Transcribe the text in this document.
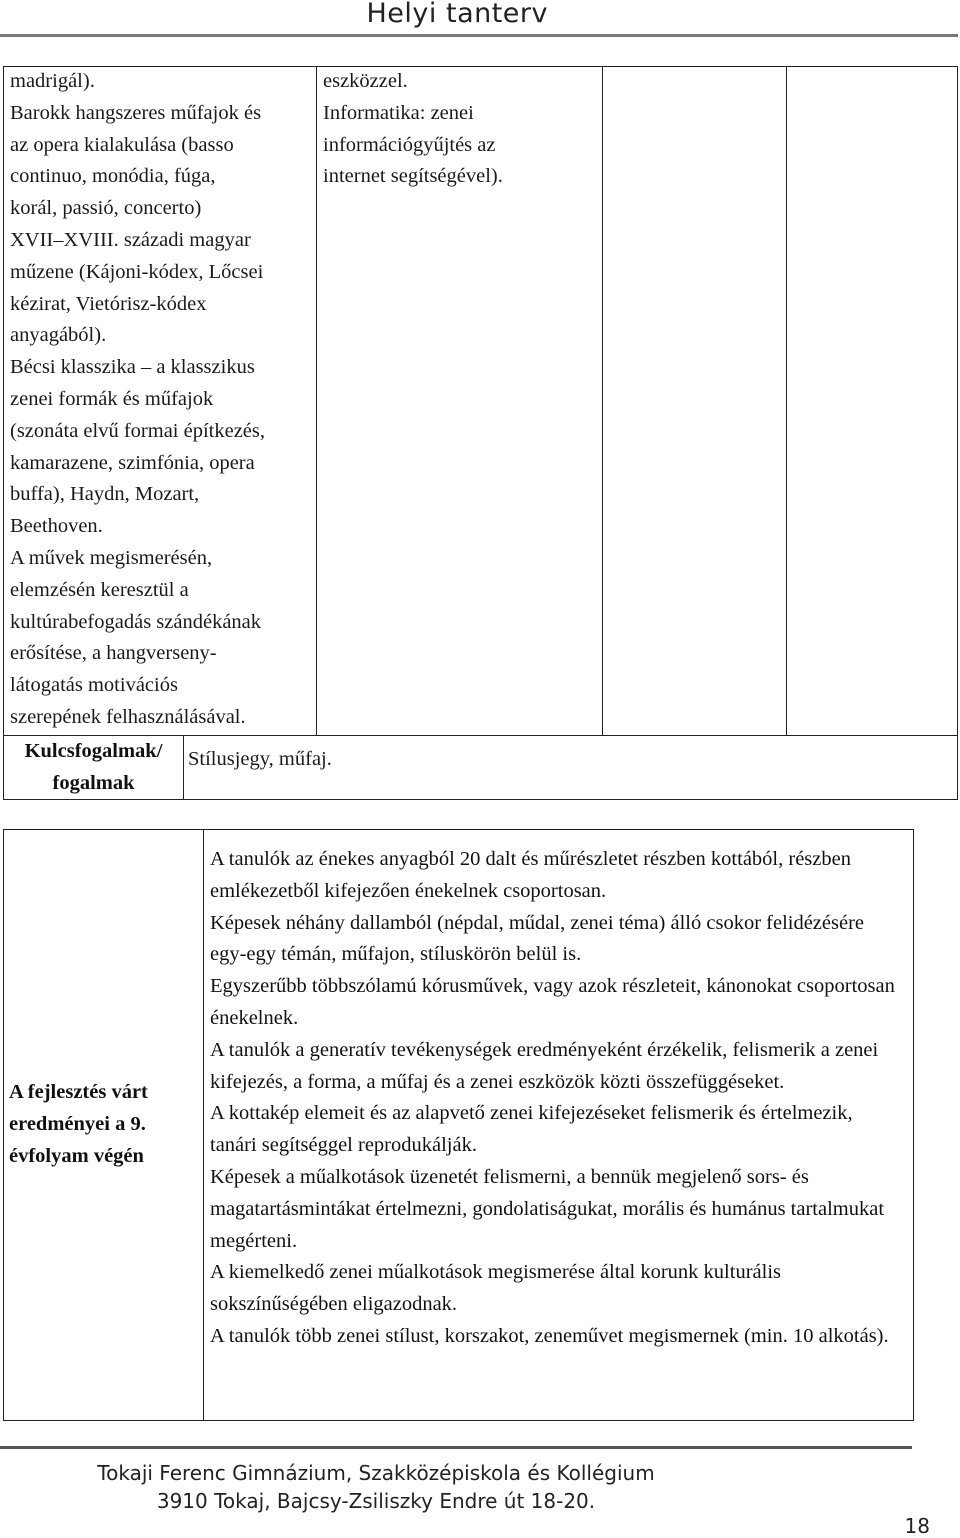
Helyi tanterv
madrigál).
Barokk hangszeres műfajok és
az opera kialakulása (basso
continuo, monódia, fúga,
korál, passió, concerto)
XVII–XVIII. századi magyar
műzene (Kájoni-kódex, Lőcsei
kézirat, Vietórisz-kódex
anyagából).
Bécsi klasszika – a klasszikus
zenei formák és műfajok
(szonáta elvű formai építkezés,
kamarazene, szimfónia, opera
buffa), Haydn, Mozart,
Beethoven.
A művek megismerésén,
elemzésén keresztül a
kultúrabefogadás szándékának
erősítése, a hangverseny-
látogatás motivációs
szerepének felhasználásával.
eszközzel.
Informatika: zenei
információgyűjtés az
internet segítségével).
Kulcsfogalmak/
fogalmak
Stílusjegy, műfaj.
A fejlesztés várt
eredményei a 9.
évfolyam végén
A tanulók az énekes anyagból 20 dalt és műrészletet részben kottából, részben emlékezetből kifejezően énekelnek csoportosan.
Képesek néhány dallamból (népdal, műdal, zenei téma) álló csokor felidézésére egy-egy témán, műfajon, stíluskörön belül is.
Egyszerűbb többszólamú kórusművek, vagy azok részleteit, kánonokat csoportosan énekelnek.
A tanulók a generatív tevékenységek eredményeként érzékelik, felismerik a zenei kifejezés, a forma, a műfaj és a zenei eszközök közti összefüggéseket.
A kottakép elemeit és az alapvető zenei kifejezéseket felismerik és értelmezik, tanári segítséggel reprodukálják.
Képesek a műalkotások üzenetét felismerni, a bennük megjelenő sors- és magatartásmintákat értelmezni, gondolatiságukat, morális és humánus tartalmukat megérteni.
A kiemelkedő zenei műalkotások megismerése által korunk kulturális sokszínűségében eligazodnak.
A tanulók több zenei stílust, korszakot, zeneművet megismernek (min. 10 alkotás).
Tokaji Ferenc Gimnázium, Szakközépiskola és Kollégium
3910 Tokaj, Bajcsy-Zsiliszky Endre út 18-20.
18
